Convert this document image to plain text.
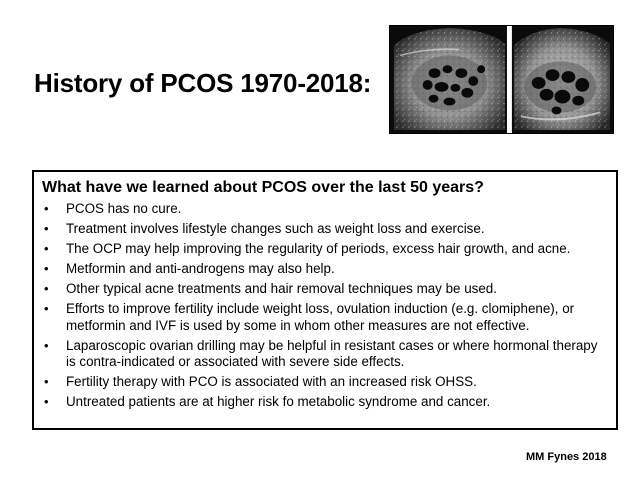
History of PCOS 1970-2018:
What have we learned about PCOS over the last 50 years?
• PCOS has no cure.
• Treatment involves lifestyle changes such as weight loss and exercise.
• The OCP may help improving the regularity of periods, excess hair growth, and acne.
• Metformin and anti-androgens may also help.
• Other typical acne treatments and hair removal techniques may be used.
• Efforts to improve fertility include weight loss, ovulation induction (e.g. clomiphene), or metformin and IVF is used by some in whom other measures are not effective.
• Laparoscopic ovarian drilling may be helpful in resistant cases or where hormonal therapy is contra-indicated or associated with severe side effects.
• Fertility therapy with PCO is associated with an increased risk OHSS.
• Untreated patients are at higher risk fo metabolic syndrome and cancer.
MM Fynes 2018
